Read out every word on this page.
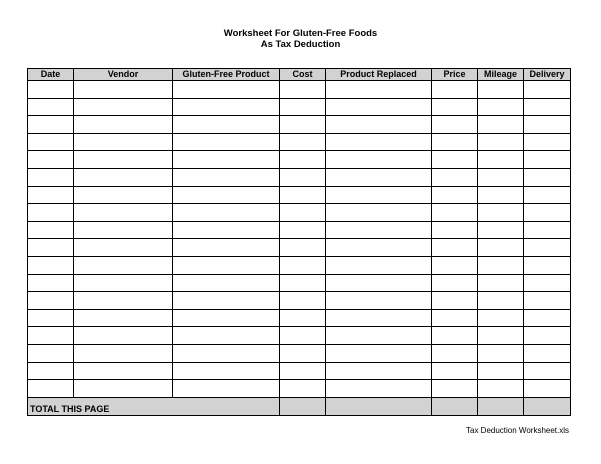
Worksheet For Gluten-Free Foods
As Tax Deduction
Date	Vendor	Gluten-Free Product	Cost	Product Replaced	Price	Mileage	Delivery

TOTAL THIS PAGE							
Tax Deduction Worksheet.xls
